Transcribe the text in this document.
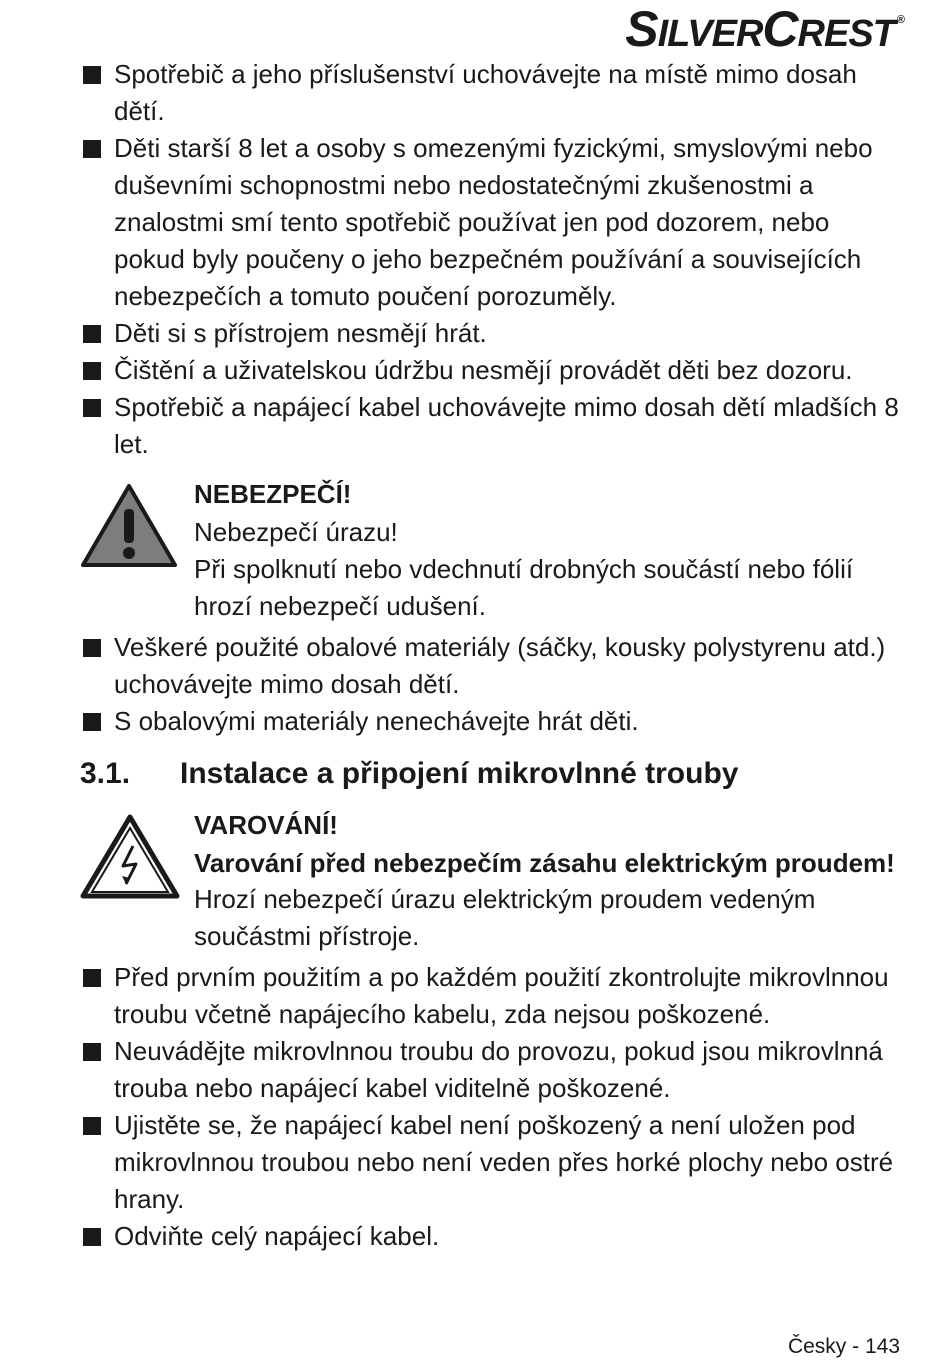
SILVERCREST ®
Spotřebič a jeho příslušenství uchovávejte na místě mimo dosah dětí.
Děti starší 8 let a osoby s omezenými fyzickými, smyslovými nebo duševními schopnostmi nebo nedostatečnými zkušenostmi a znalostmi smí tento spotřebič používat jen pod dozorem, nebo pokud byly poučeny o jeho bezpečném používání a souvisejících nebezpečích a tomuto poučení porozuměly.
Děti si s přístrojem nesmějí hrát.
Čištění a uživatelskou údržbu nesmějí provádět děti bez dozoru.
Spotřebič a napájecí kabel uchovávejte mimo dosah dětí mladších 8 let.
NEBEZPEČÍ!
Nebezpečí úrazu!
Při spolknutí nebo vdechnutí drobných součástí nebo fólií hrozí nebezpečí udušení.
Veškeré použité obalové materiály (sáčky, kousky polystyrenu atd.) uchovávejte mimo dosah dětí.
S obalovými materiály nenechávejte hrát děti.
3.1. Instalace a připojení mikrovlnné trouby
VAROVÁNÍ!
Varování před nebezpečím zásahu elektrickým proudem!
Hrozí nebezpečí úrazu elektrickým proudem vedeným součástmi přístroje.
Před prvním použitím a po každém použití zkontrolujte mikrovlnnou troubu včetně napájecího kabelu, zda nejsou poškozené.
Neuvádějte mikrovlnnou troubu do provozu, pokud jsou mikrovlnná trouba nebo napájecí kabel viditelně poškozené.
Ujistěte se, že napájecí kabel není poškozený a není uložen pod mikrovlnnou troubou nebo není veden přes horké plochy nebo ostré hrany.
Odviňte celý napájecí kabel.
Česky - 143
